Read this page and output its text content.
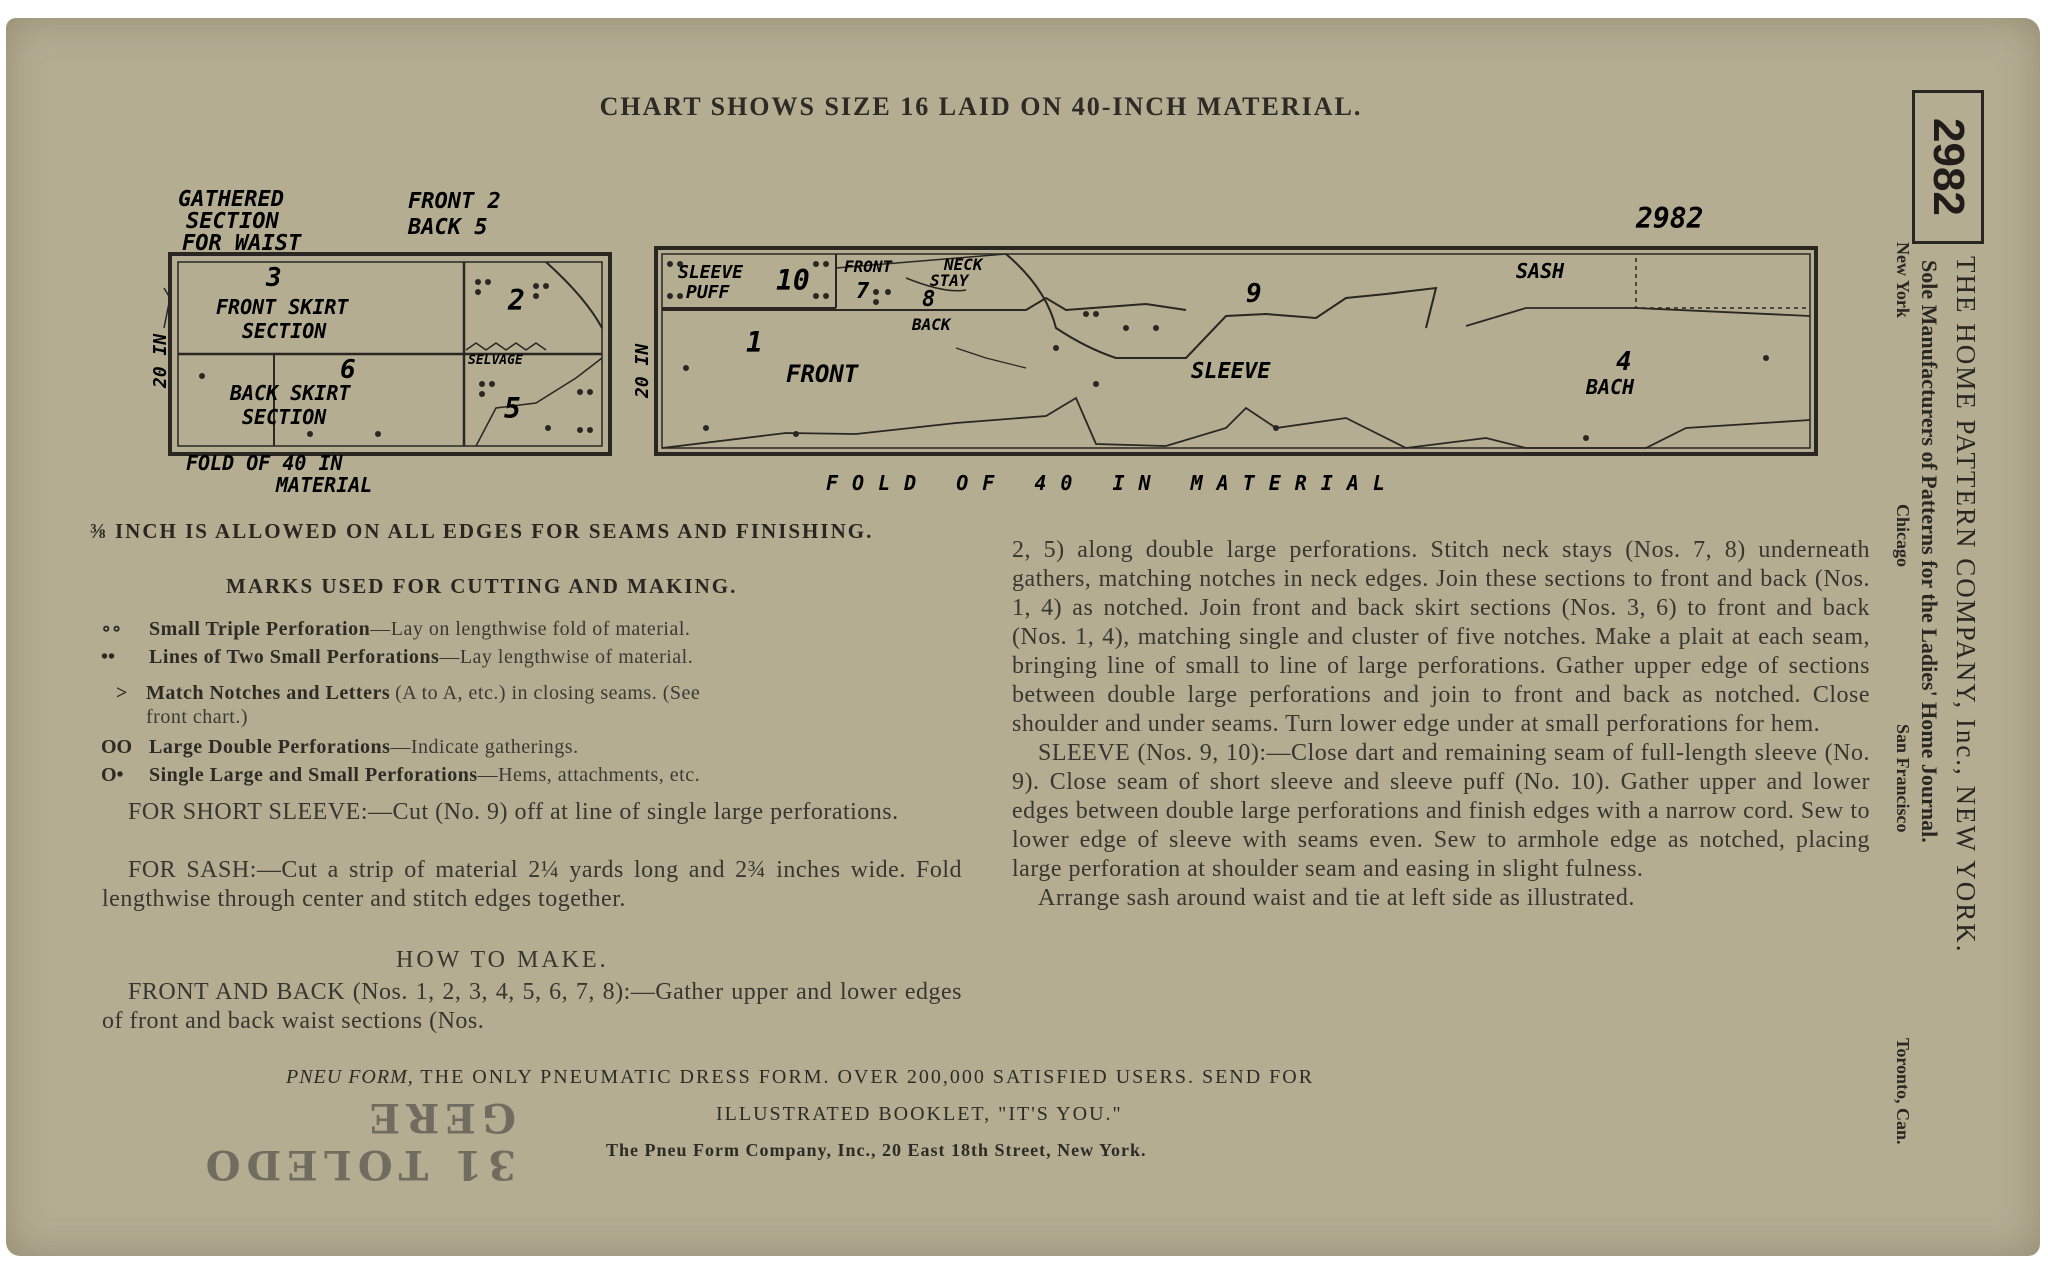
CHART SHOWS SIZE 16 LAID ON 40-INCH MATERIAL.
GATHERED
SECTION
FOR WAIST
FRONT 2
BACK 5
3
FRONT SKIRT
SECTION
2
SELVAGE
6
BACK SKIRT
SECTION	5
20 IN
FOLD OF 40 IN
MATERIAL
2982
SLEEVE
PUFF 10 FRONT
7
NECK
STAY
8
BACK
9
SASH
1
FRONT	SLEEVE	4
BACH
20 IN
FOLD OF 40 IN MATERIAL
⅜ INCH IS ALLOWED ON ALL EDGES FOR SEAMS AND FINISHING.
MARKS USED FOR CUTTING AND MAKING.
∘∘ Small Triple Perforation—Lay on lengthwise fold of material.
•• Lines of Two Small Perforations—Lay lengthwise of material.
> Match Notches and Letters (A to A, etc.) in closing seams. (See
front chart.)
OO Large Double Perforations—Indicate gatherings.
O• Single Large and Small Perforations—Hems, attachments, etc.
FOR SHORT SLEEVE:—Cut (No. 9) off at line of single large perforations.
FOR SASH:—Cut a strip of material 2¼ yards long and 2¾ inches wide. Fold lengthwise through center and stitch edges together.
HOW TO MAKE.
FRONT AND BACK (Nos. 1, 2, 3, 4, 5, 6, 7, 8):—Gather upper and lower edges of front and back waist sections (Nos.

2, 5) along double large perforations. Stitch neck stays (Nos. 7, 8) underneath gathers, matching notches in neck edges. Join these sections to front and back (Nos. 1, 4) as notched. Join front and back skirt sections (Nos. 3, 6) to front and back (Nos. 1, 4), matching single and cluster of five notches. Make a plait at each seam, bringing line of small to line of large perforations. Gather upper edge of sections between double large perforations and join to front and back as notched. Close shoulder and under seams. Turn lower edge under at small perforations for hem.

SLEEVE (Nos. 9, 10):—Close dart and remaining seam of full-length sleeve (No. 9). Close seam of short sleeve and sleeve puff (No. 10). Gather upper and lower edges between double large perforations and finish edges with a narrow cord. Sew to lower edge of sleeve with seams even. Sew to armhole edge as notched, placing large perforation at shoulder seam and easing in slight fulness.

Arrange sash around waist and tie at left side as illustrated.

PNEU FORM, THE ONLY PNEUMATIC DRESS FORM. OVER 200,000 SATISFIED USERS. SEND FOR
ILLUSTRATED BOOKLET, "IT'S YOU."
The Pneu Form Company, Inc., 20 East 18th Street, New York.
31 TOLEDO GERE
2982
THE HOME PATTERN COMPANY, Inc., NEW YORK.
Sole Manufacturers of Patterns for the Ladies' Home Journal.
New York
Chicago
San Francisco
Toronto, Can.
